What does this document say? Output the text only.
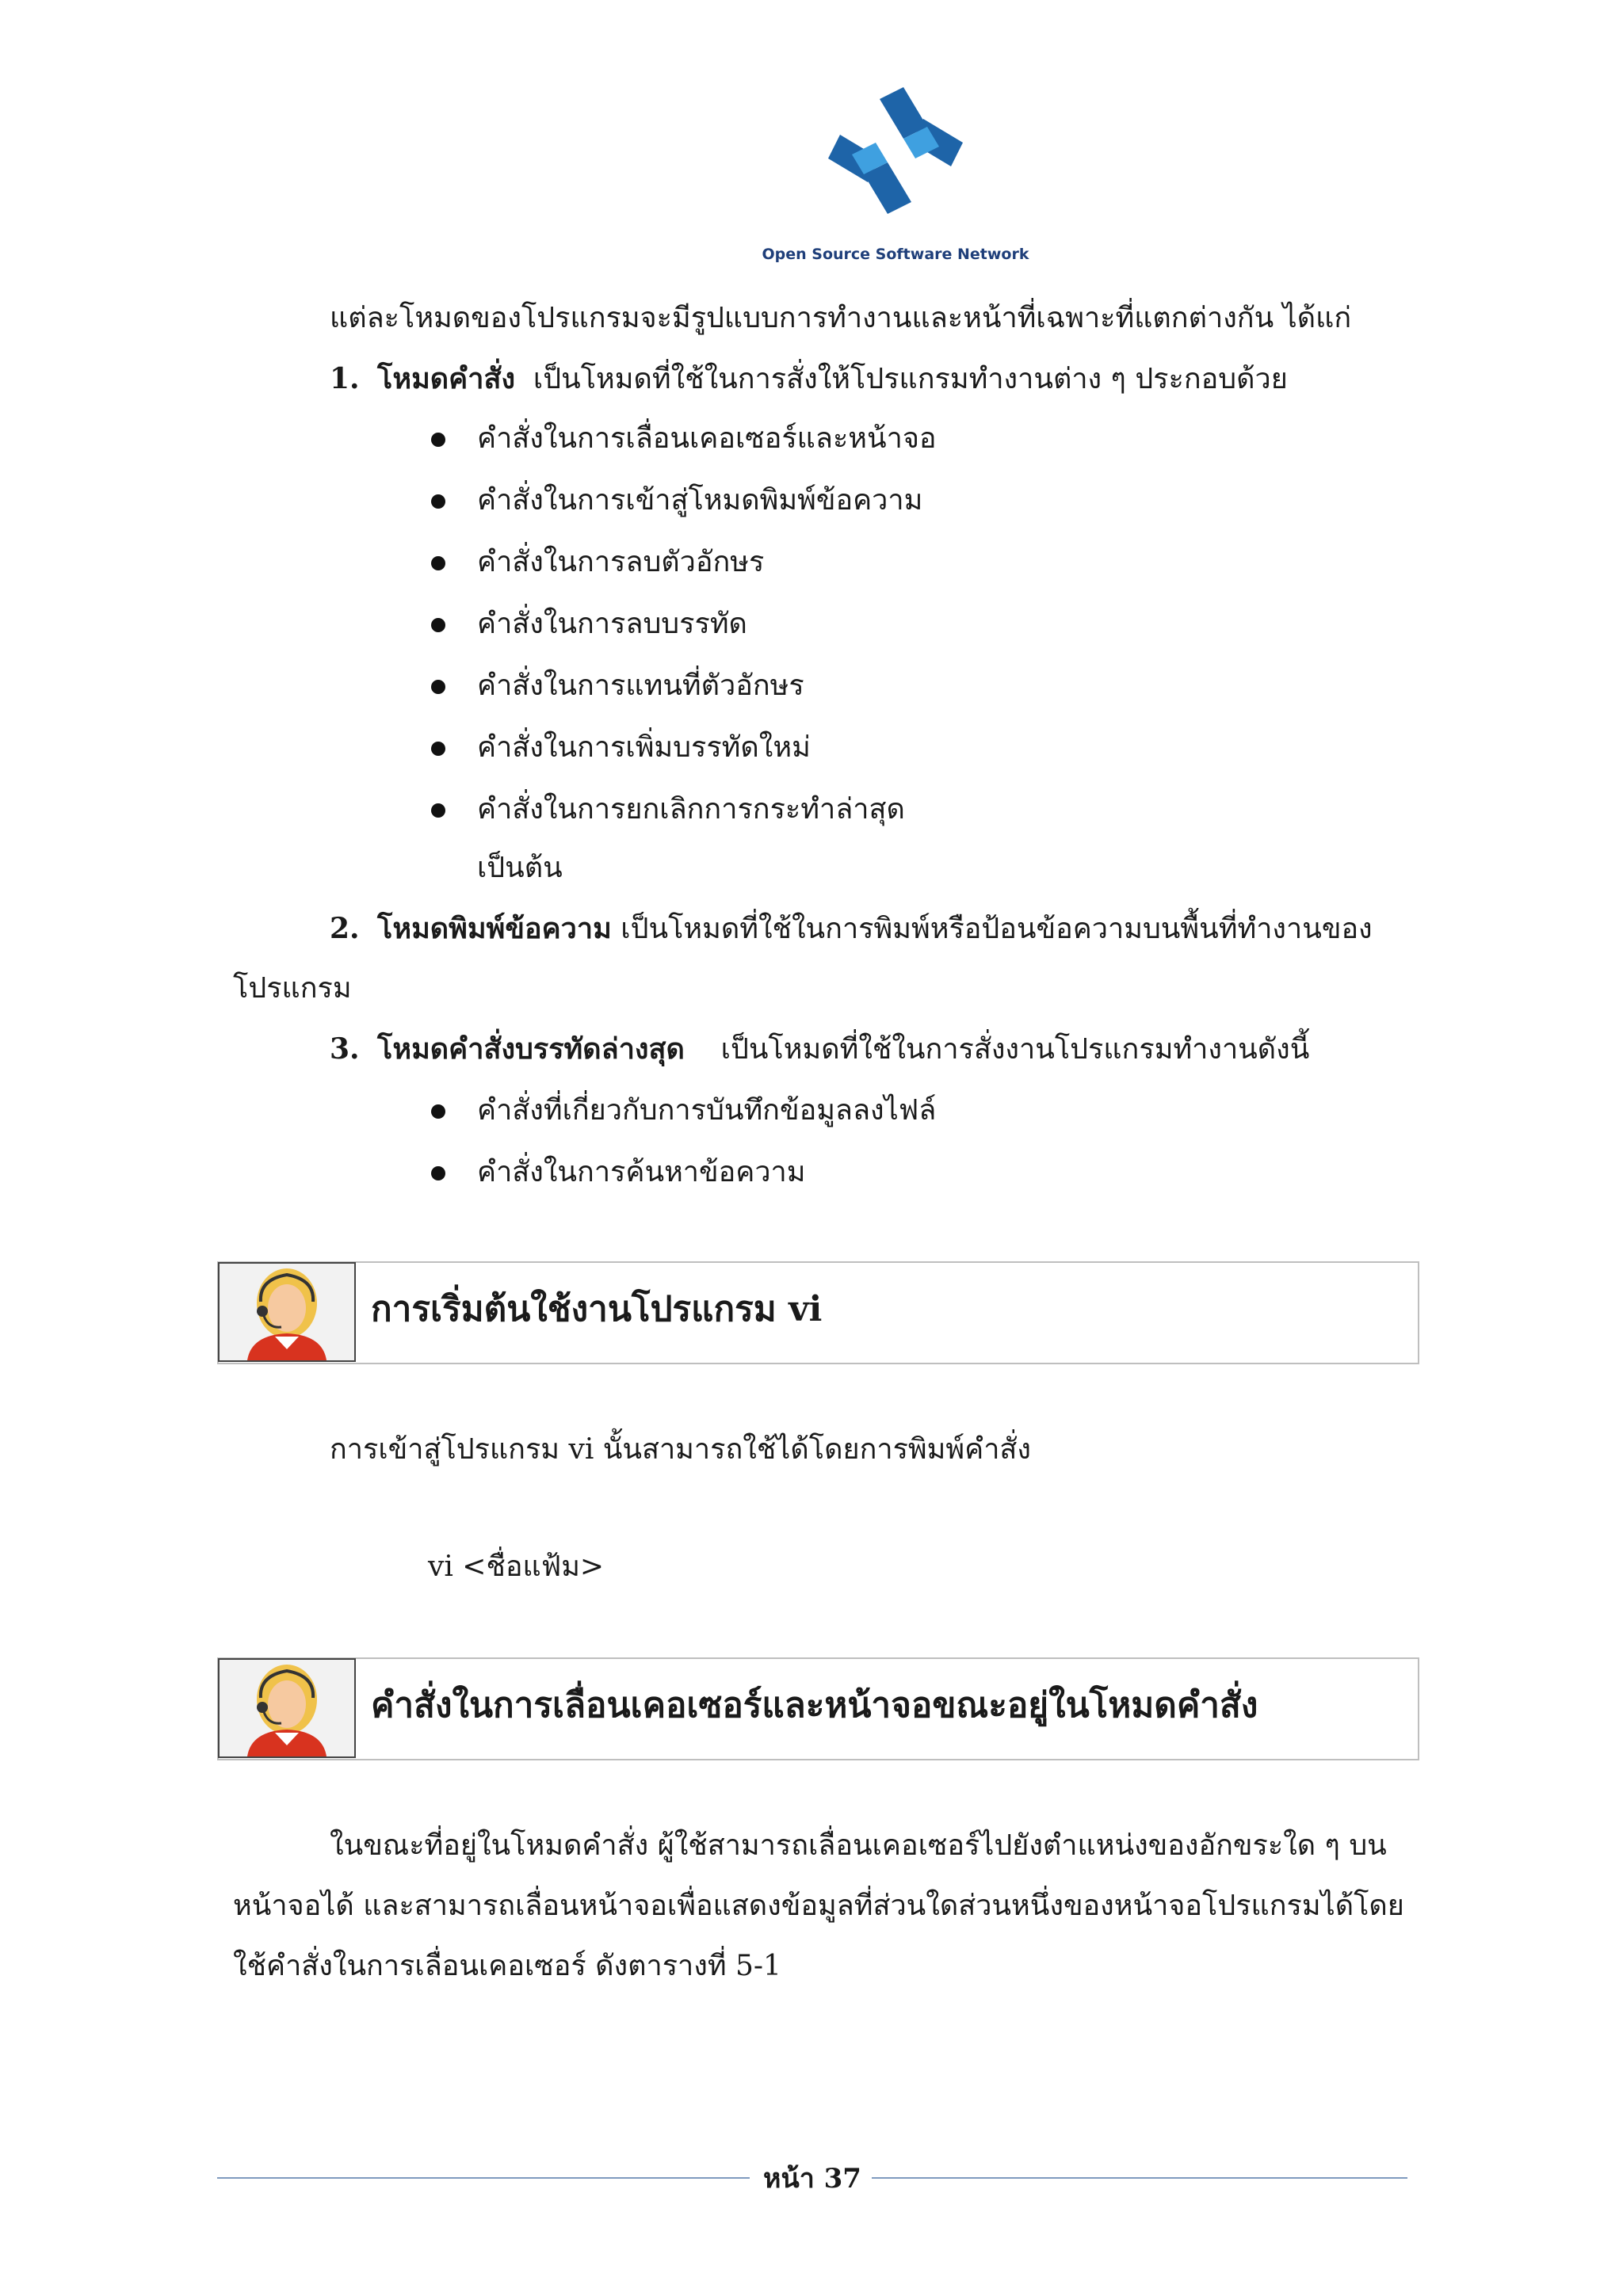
Open Source Software Network
แต่ละโหมดของโปรแกรมจะมีรูปแบบการทำงานและหน้าที่เฉพาะที่แตกต่างกัน ได้แก่
1. โหมดคำสั่ง เป็นโหมดที่ใช้ในการสั่งให้โปรแกรมทำงานต่าง ๆ ประกอบด้วย
คำสั่งในการเลื่อนเคอเซอร์และหน้าจอ
คำสั่งในการเข้าสู่โหมดพิมพ์ข้อความ
คำสั่งในการลบตัวอักษร
คำสั่งในการลบบรรทัด
คำสั่งในการแทนที่ตัวอักษร
คำสั่งในการเพิ่มบรรทัดใหม่
คำสั่งในการยกเลิกการกระทำล่าสุด
เป็นต้น
2. โหมดพิมพ์ข้อความ เป็นโหมดที่ใช้ในการพิมพ์หรือป้อนข้อความบนพื้นที่ทำงานของ
โปรแกรม
3. โหมดคำสั่งบรรทัดล่างสุด เป็นโหมดที่ใช้ในการสั่งงานโปรแกรมทำงานดังนี้
คำสั่งที่เกี่ยวกับการบันทึกข้อมูลลงไฟล์
คำสั่งในการค้นหาข้อความ
การเริ่มต้นใช้งานโปรแกรม vi
การเข้าสู่โปรแกรม vi นั้นสามารถใช้ได้โดยการพิมพ์คำสั่ง
vi <ชื่อแฟ้ม>
คำสั่งในการเลื่อนเคอเซอร์และหน้าจอขณะอยู่ในโหมดคำสั่ง
ในขณะที่อยู่ในโหมดคำสั่ง ผู้ใช้สามารถเลื่อนเคอเซอร์ไปยังตำแหน่งของอักขระใด ๆ บน
หน้าจอได้ และสามารถเลื่อนหน้าจอเพื่อแสดงข้อมูลที่ส่วนใดส่วนหนึ่งของหน้าจอโปรแกรมได้โดย
ใช้คำสั่งในการเลื่อนเคอเซอร์ ดังตารางที่ 5-1
หน้า 37
